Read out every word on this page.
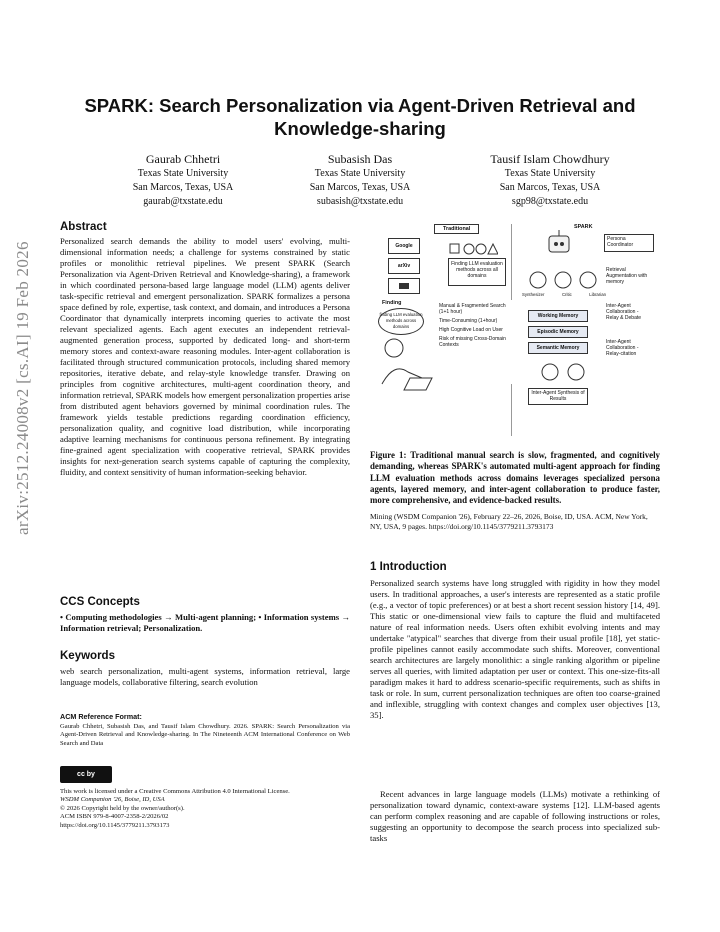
arXiv:2512.24008v2 [cs.AI] 19 Feb 2026
SPARK: Search Personalization via Agent-Driven Retrieval and Knowledge-sharing
Gaurab Chhetri
Texas State University
San Marcos, Texas, USA
gaurab@txstate.edu
Subasish Das
Texas State University
San Marcos, Texas, USA
subasish@txstate.edu
Tausif Islam Chowdhury
Texas State University
San Marcos, Texas, USA
sgp98@txstate.edu
Abstract
Personalized search demands the ability to model users' evolving, multi-dimensional information needs; a challenge for systems constrained by static profiles or monolithic retrieval pipelines. We present SPARK (Search Personalization via Agent-Driven Retrieval and Knowledge-sharing), a framework in which coordinated persona-based large language model (LLM) agents deliver task-specific retrieval and emergent personalization. SPARK formalizes a persona space defined by role, expertise, task context, and domain, and introduces a Persona Coordinator that dynamically interprets incoming queries to activate the most relevant specialized agents. Each agent executes an independent retrieval-augmented generation process, supported by dedicated long- and short-term memory stores and context-aware reasoning modules. Inter-agent collaboration is facilitated through structured communication protocols, including shared memory repositories, iterative debate, and relay-style knowledge transfer. Drawing on principles from cognitive architectures, multi-agent coordination theory, and information retrieval, SPARK models how emergent personalization properties arise from distributed agent behaviors governed by minimal coordination rules. The framework yields testable predictions regarding coordination efficiency, personalization quality, and cognitive load distribution, while incorporating adaptive learning mechanisms for continuous persona refinement. By integrating fine-grained agent specialization with cooperative retrieval, SPARK provides insights for next-generation search systems capable of capturing the complexity, fluidity, and context sensitivity of human information-seeking behavior.
CCS Concepts
• Computing methodologies → Multi-agent planning; • Information systems → Information retrieval; Personalization.
Keywords
web search personalization, multi-agent systems, information retrieval, large language models, collaborative filtering, search evolution
ACM Reference Format:
Gaurab Chhetri, Subasish Das, and Tausif Islam Chowdhury. 2026. SPARK: Search Personalization via Agent-Driven Retrieval and Knowledge-sharing. In The Nineteenth ACM International Conference on Web Search and Data
cc by
This work is licensed under a Creative Commons Attribution 4.0 International License.
WSDM Companion '26, Boise, ID, USA
© 2026 Copyright held by the owner/author(s).
ACM ISBN 979-8-4007-2358-2/2026/02
https://doi.org/10.1145/3779211.3793173
Traditional	SPARK
Google
arXiv	Finding LLM evaluation methods across all domains
Finding
finding LLM evaluation methods across domains
Manual & Fragmented Search (1+1 hour)
Time-Consuming (1+hour)
High Cognitive Load on User
Risk of missing Cross-Domain Contexts
Synthesizer	Critic	Librarian
Working Memory
Episodic Memory
Semantic Memory
Inter-Agent Synthesis of Results
Persona Coordinator
Retrieval Augmentation with memory
Inter-Agent Collaboration - Relay & Debate
Inter-Agent Collaboration - Relay-citation
Figure 1: Traditional manual search is slow, fragmented, and cognitively demanding, whereas SPARK's automated multi-agent approach for finding LLM evaluation methods across domains leverages specialized persona agents, layered memory, and inter-agent collaboration to produce faster, more comprehensive, and evidence-backed results.
Mining (WSDM Companion '26), February 22–26, 2026, Boise, ID, USA. ACM, New York, NY, USA, 9 pages. https://doi.org/10.1145/3779211.3793173
1 Introduction
Personalized search systems have long struggled with rigidity in how they model users. In traditional approaches, a user's interests are represented as a static profile (e.g., a vector of topic preferences) or at best a short recent session history [14, 49]. This static or one-dimensional view fails to capture the fluid and multifaceted nature of real information needs. Users often exhibit evolving intents and may undertake "atypical" searches that diverge from their usual profile [18], yet static-profile pipelines cannot easily accommodate such shifts. Moreover, conventional search architectures are largely monolithic: a single ranking algorithm or pipeline serves all queries, with limited adaptation per user or context. This one-size-fits-all paradigm makes it hard to address scenario-specific requirements, such as shifts in task or role. In sum, current personalization techniques are often too coarse-grained and inflexible, struggling with context changes and complex user objectives [13, 35].
Recent advances in large language models (LLMs) motivate a rethinking of personalization toward dynamic, context-aware systems [12]. LLM-based agents can perform complex reasoning and are capable of following instructions or roles, suggesting an opportunity to decompose the search process into specialized sub-tasks
